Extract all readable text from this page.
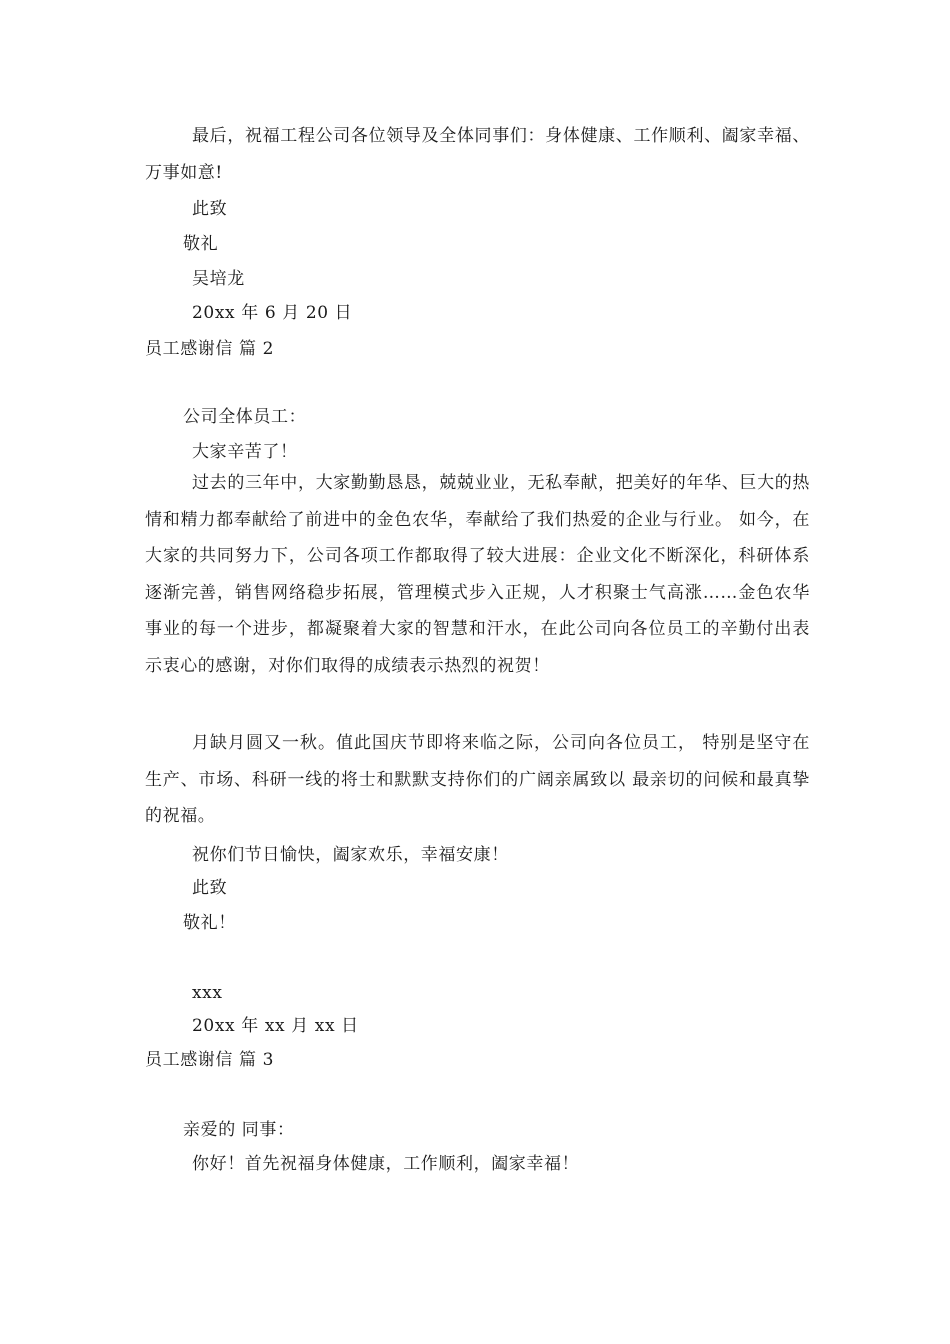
最后，祝福工程公司各位领导及全体同事们：身体健康、工作顺利、阖家幸福、万事如意!
此致
敬礼
吴培龙
20xx 年 6 月 20 日
员工感谢信 篇 2
公司全体员工：
大家辛苦了！
过去的三年中，大家勤勤恳恳，兢兢业业，无私奉献，把美好的年华、巨大的热情和精力都奉献给了前进中的金色农华，奉献给了我们热爱的企业与行业。 如今，在大家的共同努力下，公司各项工作都取得了较大进展：企业文化不断深化，科研体系逐渐完善，销售网络稳步拓展，管理模式步入正规，人才积聚士气高涨……金色农华事业的每一个进步，都凝聚着大家的智慧和汗水，在此公司向各位员工的辛勤付出表示衷心的感谢，对你们取得的成绩表示热烈的祝贺！
月缺月圆又一秋。值此国庆节即将来临之际，公司向各位员工， 特别是坚守在生产、市场、科研一线的将士和默默支持你们的广阔亲属致以 最亲切的问候和最真挚的祝福。
祝你们节日愉快，阖家欢乐，幸福安康！
此致
敬礼！
xxx
20xx 年 xx 月 xx 日
员工感谢信 篇 3
亲爱的 同事：
你好！首先祝福身体健康，工作顺利，阖家幸福！
